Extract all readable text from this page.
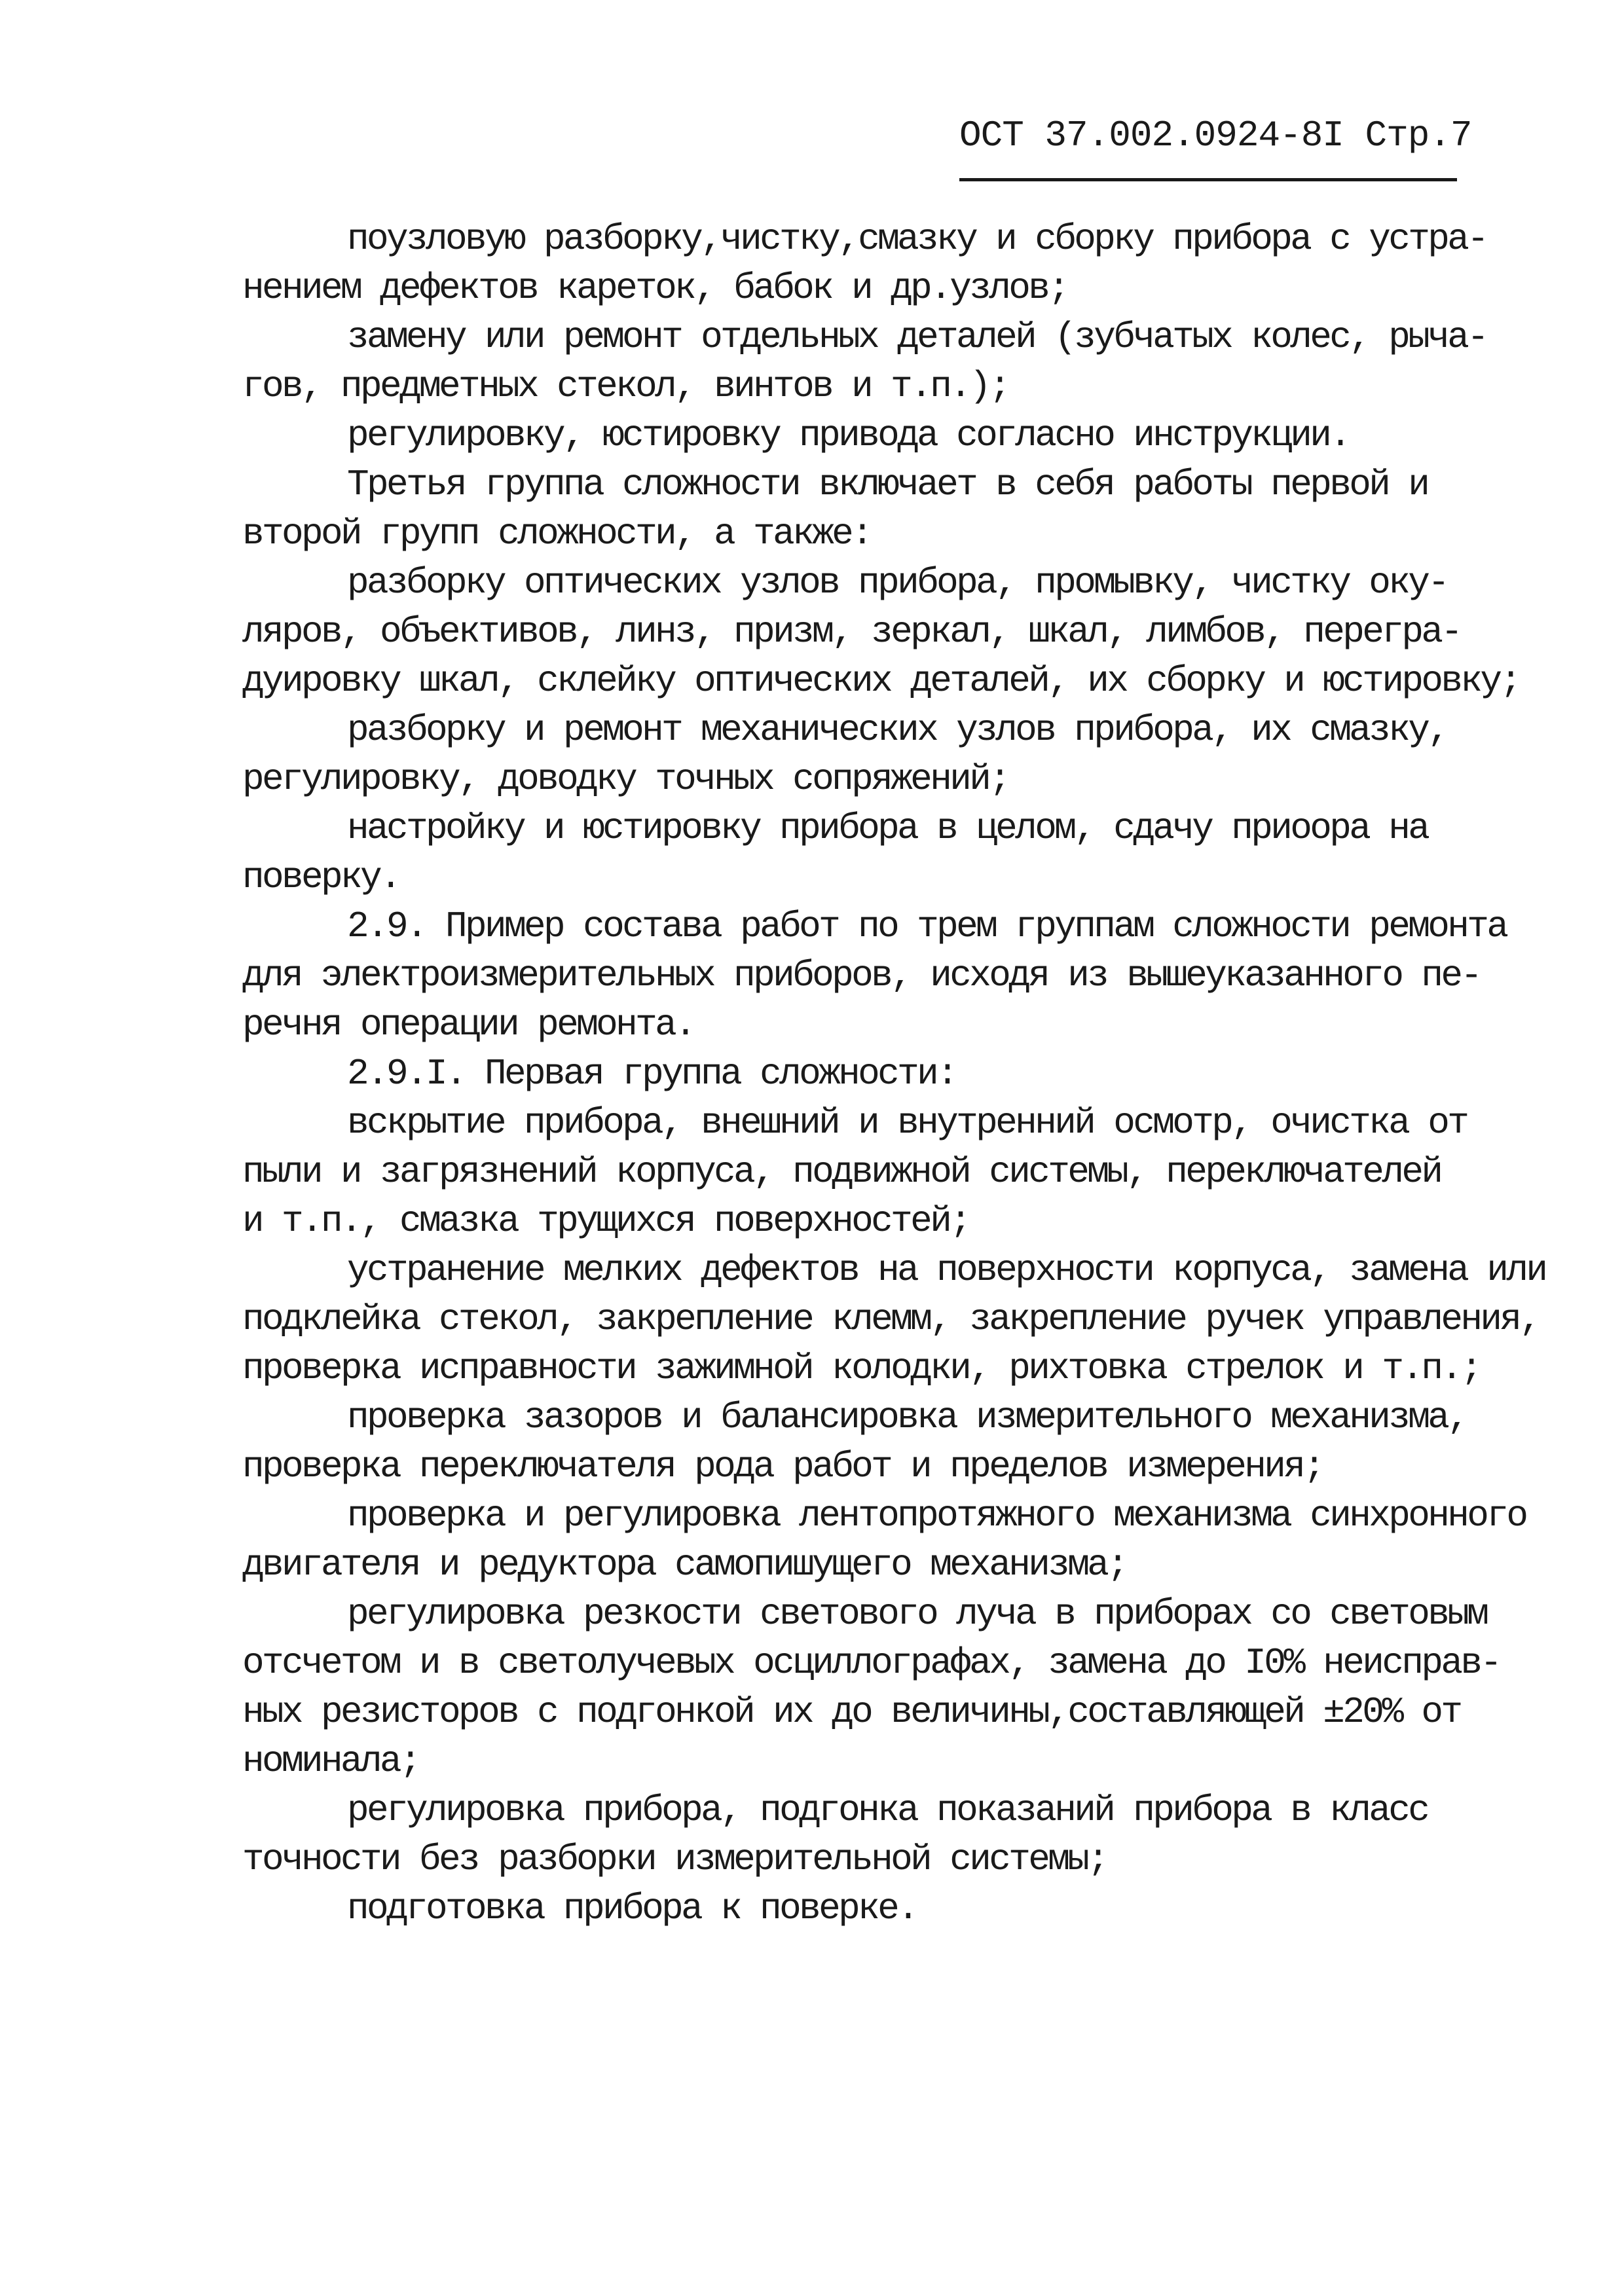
ОСТ 37.002.0924-8I Стр.7
поузловую разборку,чистку,смазку и сборку прибора с устра-
нением дефектов кареток, бабок и др.узлов;
замену или ремонт отдельных деталей (зубчатых колес, рыча-
гов, предметных стекол, винтов и т.п.);
регулировку, юстировку привода согласно инструкции.
Третья группа сложности включает в себя работы первой и
второй групп сложности, а также:
разборку оптических узлов прибора, промывку, чистку оку-
ляров, объективов, линз, призм, зеркал, шкал, лимбов, перегра-
дуировку шкал, склейку оптических деталей, их сборку и юстировку;
разборку и ремонт механических узлов прибора, их смазку,
регулировку, доводку точных сопряжений;
настройку и юстировку прибора в целом, сдачу приоора на
поверку.
2.9. Пример состава работ по трем группам сложности ремонта
для электроизмерительных приборов, исходя из вышеуказанного пе-
речня операции ремонта.
2.9.I. Первая группа сложности:
вскрытие прибора, внешний и внутренний осмотр, очистка от
пыли и загрязнений корпуса, подвижной системы, переключателей
и т.п., смазка трущихся поверхностей;
устранение мелких дефектов на поверхности корпуса, замена или
подклейка стекол, закрепление клемм, закрепление ручек управления,
проверка исправности зажимной колодки, рихтовка стрелок и т.п.;
проверка зазоров и балансировка измерительного механизма,
проверка переключателя рода работ и пределов измерения;
проверка и регулировка лентопротяжного механизма синхронного
двигателя и редуктора самопишущего механизма;
регулировка резкости светового луча в приборах со световым
отсчетом и в светолучевых осциллографах, замена до I0% неисправ-
ных резисторов с подгонкой их до величины,составляющей ±20% от
номинала;
регулировка прибора, подгонка показаний прибора в класс
точности без разборки измерительной системы;
подготовка прибора к поверке.
